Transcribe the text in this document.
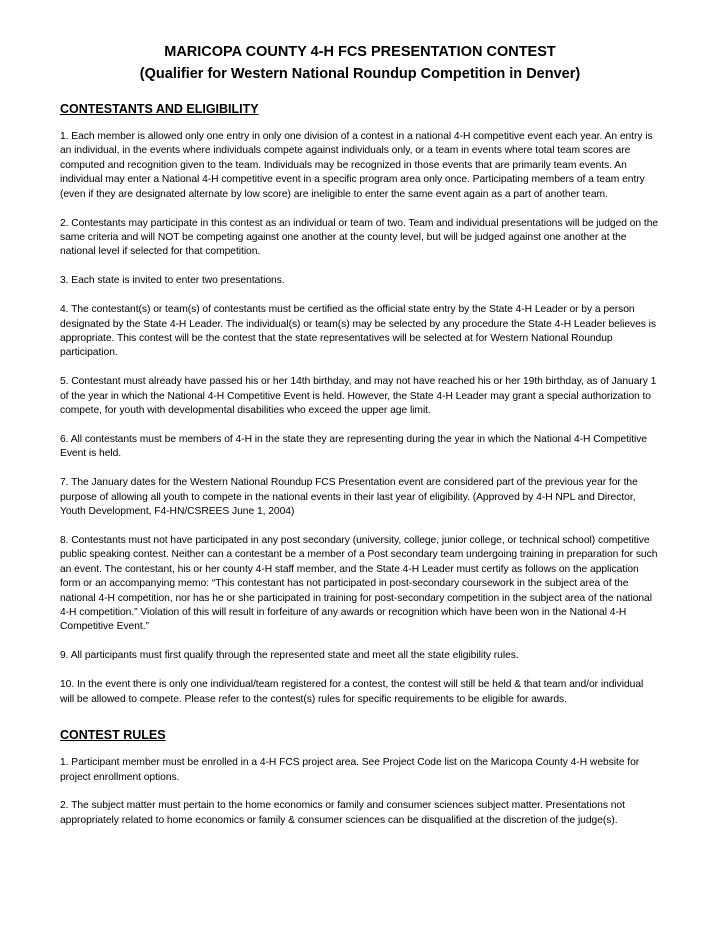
MARICOPA COUNTY 4-H FCS PRESENTATION CONTEST
(Qualifier for Western National Roundup Competition in Denver)
CONTESTANTS AND ELIGIBILITY

1. Each member is allowed only one entry in only one division of a contest in a national 4-H competitive event each year. An entry is an individual, in the events where individuals compete against individuals only, or a team in events where total team scores are computed and recognition given to the team. Individuals may be recognized in those events that are primarily team events. An individual may enter a National 4-H competitive event in a specific program area only once. Participating members of a team entry (even if they are designated alternate by low score) are ineligible to enter the same event again as a part of another team.

2. Contestants may participate in this contest as an individual or team of two. Team and individual presentations will be judged on the same criteria and will NOT be competing against one another at the county level, but will be judged against one another at the national level if selected for that competition.

3. Each state is invited to enter two presentations.

4. The contestant(s) or team(s) of contestants must be certified as the official state entry by the State 4-H Leader or by a person designated by the State 4-H Leader. The individual(s) or team(s) may be selected by any procedure the State 4-H Leader believes is appropriate. This contest will be the contest that the state representatives will be selected at for Western National Roundup participation.

5. Contestant must already have passed his or her 14th birthday, and may not have reached his or her 19th birthday, as of January 1 of the year in which the National 4-H Competitive Event is held. However, the State 4-H Leader may grant a special authorization to compete, for youth with developmental disabilities who exceed the upper age limit.

6. All contestants must be members of 4-H in the state they are representing during the year in which the National 4-H Competitive Event is held.

7. The January dates for the Western National Roundup FCS Presentation event are considered part of the previous year for the purpose of allowing all youth to compete in the national events in their last year of eligibility. (Approved by 4-H NPL and Director, Youth Development, F4-HN/CSREES June 1, 2004)

8. Contestants must not have participated in any post secondary (university, college, junior college, or technical school) competitive public speaking contest. Neither can a contestant be a member of a Post secondary team undergoing training in preparation for such an event. The contestant, his or her county 4-H staff member, and the State 4-H Leader must certify as follows on the application form or an accompanying memo: “This contestant has not participated in post-secondary coursework in the subject area of the national 4-H competition, nor has he or she participated in training for post-secondary competition in the subject area of the national 4-H competition.” Violation of this will result in forfeiture of any awards or recognition which have been won in the National 4-H Competitive Event.”

9. All participants must first qualify through the represented state and meet all the state eligibility rules.

10. In the event there is only one individual/team registered for a contest, the contest will still be held & that team and/or individual will be allowed to compete. Please refer to the contest(s) rules for specific requirements to be eligible for awards.

CONTEST RULES

1. Participant member must be enrolled in a 4-H FCS project area. See Project Code list on the Maricopa County 4-H website for project enrollment options.

2. The subject matter must pertain to the home economics or family and consumer sciences subject matter. Presentations not appropriately related to home economics or family & consumer sciences can be disqualified at the discretion of the judge(s).
